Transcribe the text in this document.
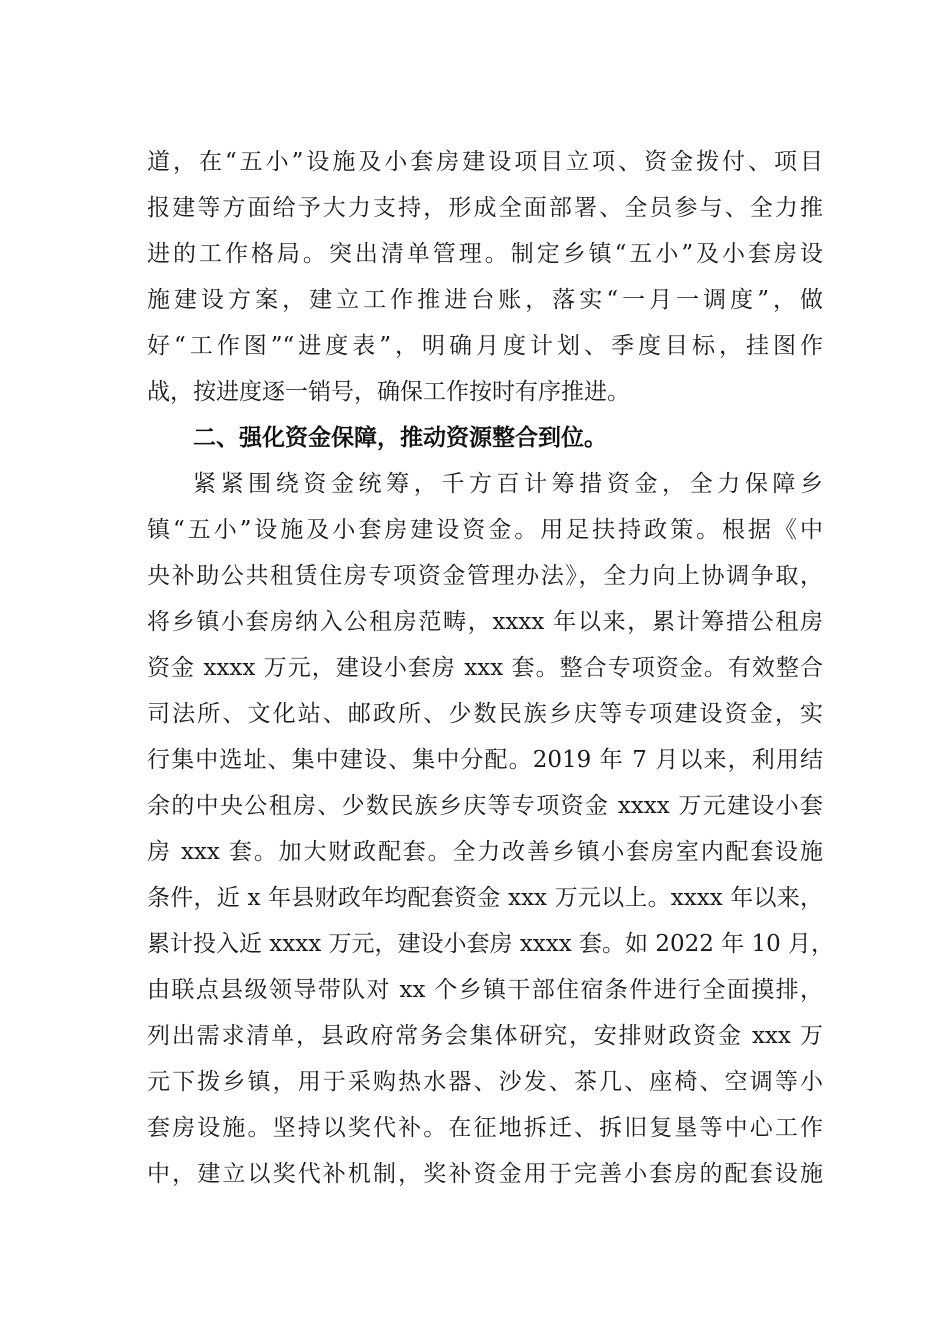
道，在“五小”设施及小套房建设项目立项、资金拨付、项目
报建等方面给予大力支持，形成全面部署、全员参与、全力推
进的工作格局。突出清单管理。制定乡镇“五小”及小套房设
施建设方案，建立工作推进台账，落实“一月一调度”，做
好“工作图”“进度表”，明确月度计划、季度目标，挂图作
战，按进度逐一销号，确保工作按时有序推进。
二、强化资金保障，推动资源整合到位。
紧紧围绕资金统筹，千方百计筹措资金，全力保障乡
镇“五小”设施及小套房建设资金。用足扶持政策。根据《中
央补助公共租赁住房专项资金管理办法》，全力向上协调争取，
将乡镇小套房纳入公租房范畴，xxxx 年以来，累计筹措公租房
资金 xxxx 万元，建设小套房 xxx 套。整合专项资金。有效整合
司法所、文化站、邮政所、少数民族乡庆等专项建设资金，实
行集中选址、集中建设、集中分配。2019 年 7 月以来，利用结
余的中央公租房、少数民族乡庆等专项资金 xxxx 万元建设小套
房 xxx 套。加大财政配套。全力改善乡镇小套房室内配套设施
条件，近 x 年县财政年均配套资金 xxx 万元以上。xxxx 年以来，
累计投入近 xxxx 万元，建设小套房 xxxx 套。如 2022 年 10 月，
由联点县级领导带队对 xx 个乡镇干部住宿条件进行全面摸排，
列出需求清单，县政府常务会集体研究，安排财政资金 xxx 万
元下拨乡镇，用于采购热水器、沙发、茶几、座椅、空调等小
套房设施。坚持以奖代补。在征地拆迁、拆旧复垦等中心工作
中，建立以奖代补机制，奖补资金用于完善小套房的配套设施
